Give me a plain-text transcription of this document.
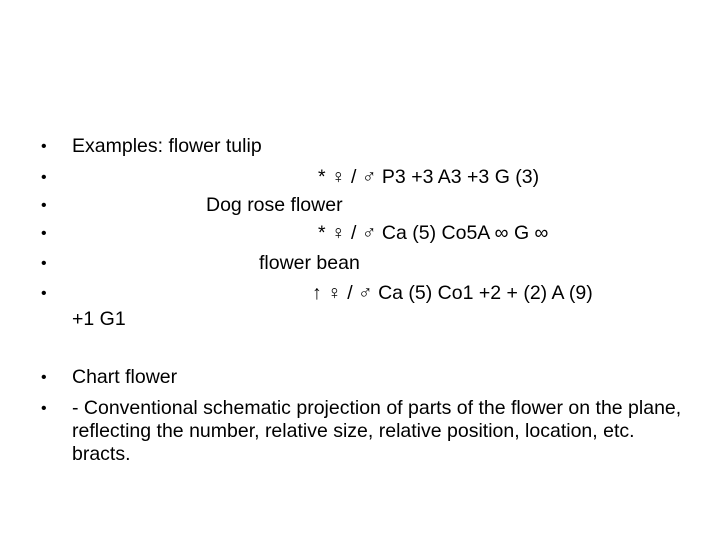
• Examples: flower tulip
•	* ♀ / ♂ P3 +3 A3 +3 G (3)
•	Dog rose flower
•	* ♀ / ♂ Ca (5) Co5A ∞ G ∞
•	flower bean
•	↑ ♀ / ♂ Ca (5) Co1 +2 + (2) A (9)
+1 G1
• Chart flower
• - Conventional schematic projection of parts of the flower on the plane, reflecting the number, relative size, relative position, location, etc. bracts.
